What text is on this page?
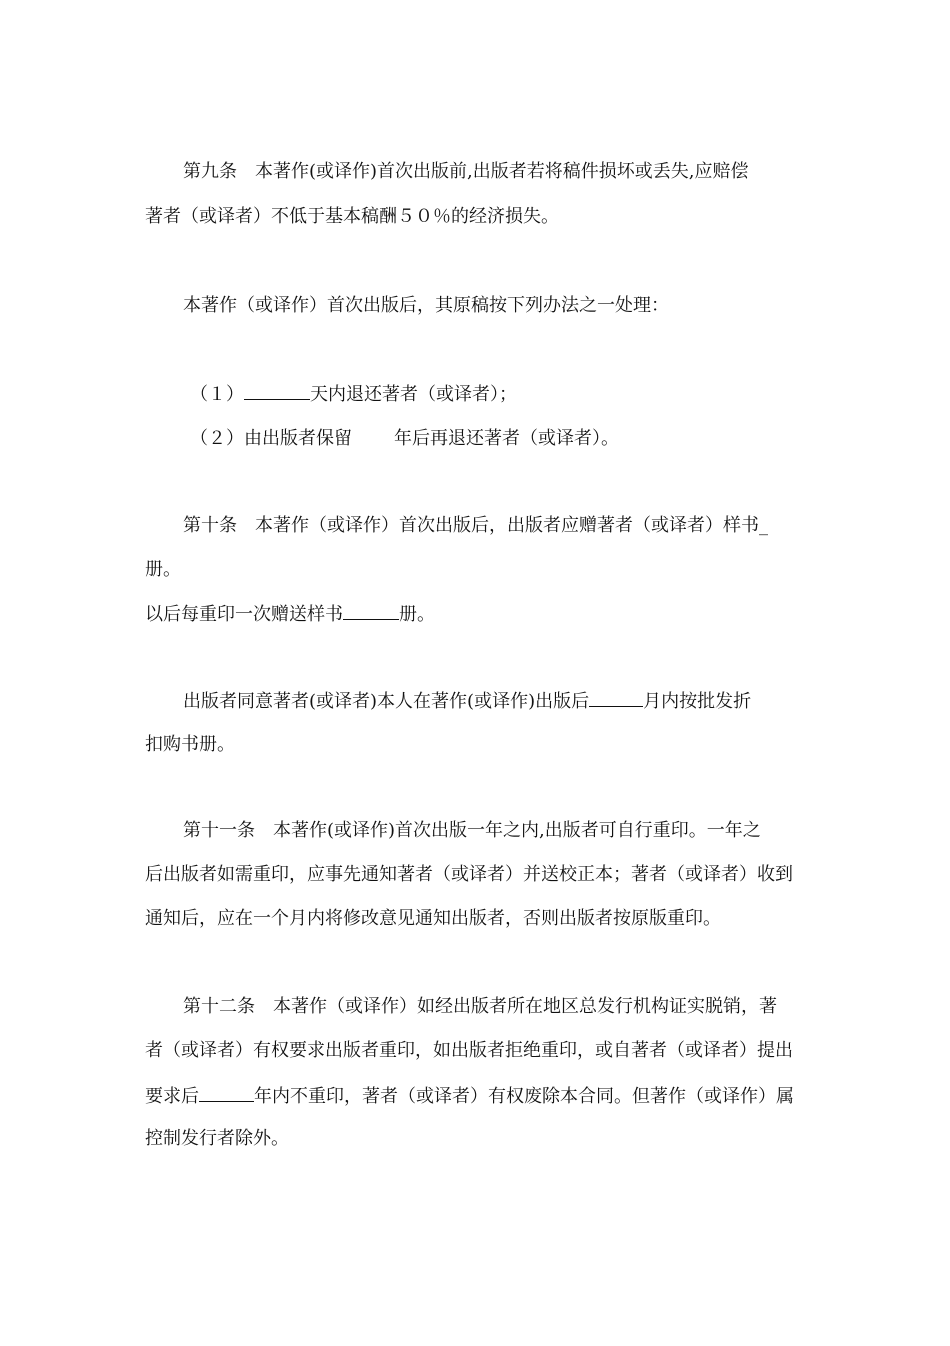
第九条　本著作(或译作)首次出版前,出版者若将稿件损坏或丢失,应赔偿
著者（或译者）不低于基本稿酬５０％的经济损失。
本著作（或译作）首次出版后，其原稿按下列办法之一处理：
（１）	天内退还著者（或译者）；
（２）由出版者保留 年后再退还著者（或译者）。
第十条　本著作（或译作）首次出版后，出版者应赠著者（或译者）样书_
册。
以后每重印一次赠送样书	册。
出版者同意著者(或译者)本人在著作(或译作)出版后	月内按批发折
扣购书册。
第十一条　本著作(或译作)首次出版一年之内,出版者可自行重印。一年之
后出版者如需重印，应事先通知著者（或译者）并送校正本；著者（或译者）收到
通知后，应在一个月内将修改意见通知出版者，否则出版者按原版重印。
第十二条　本著作（或译作）如经出版者所在地区总发行机构证实脱销，著
者（或译者）有权要求出版者重印，如出版者拒绝重印，或自著者（或译者）提出
要求后	年内不重印，著者（或译者）有权废除本合同。但著作（或译作）属
控制发行者除外。
